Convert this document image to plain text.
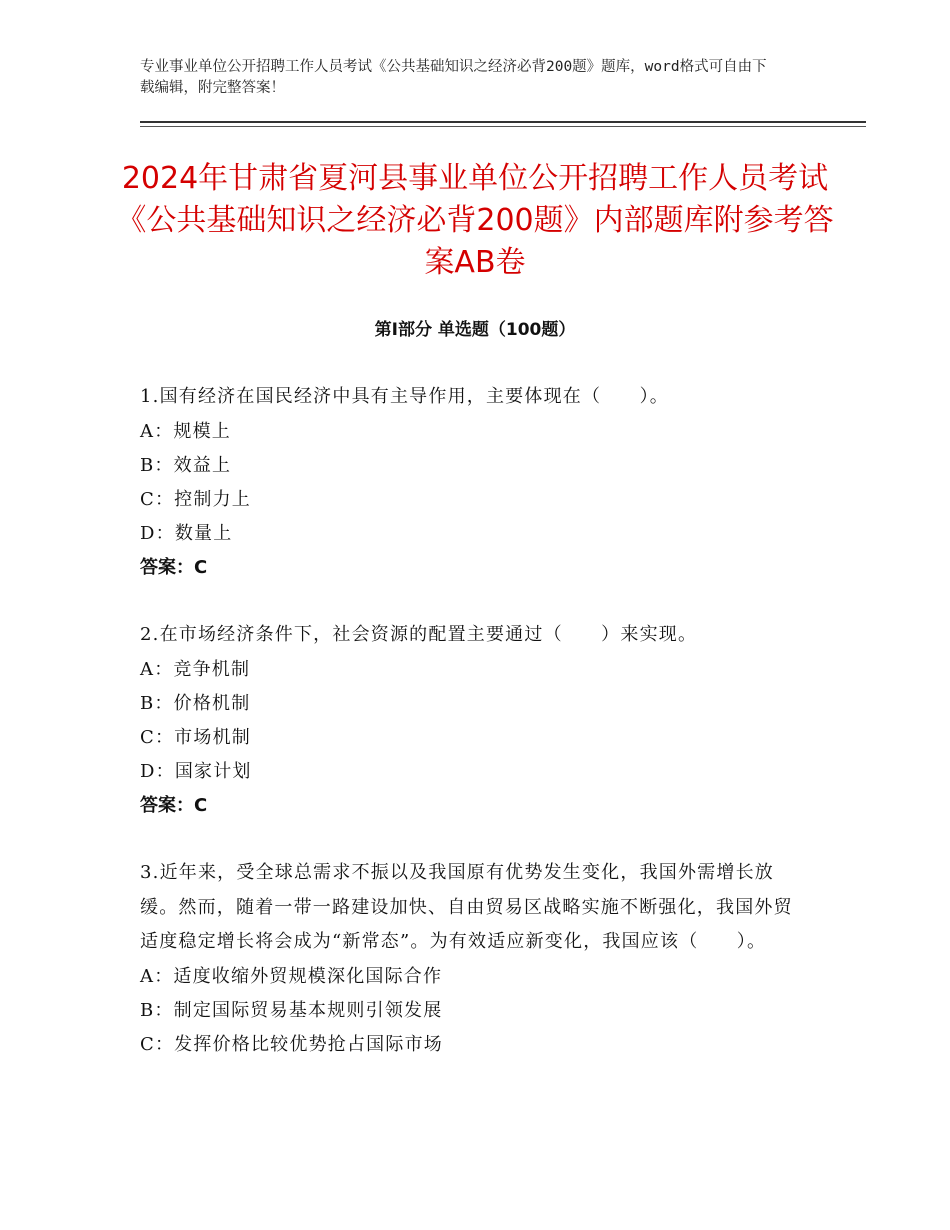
专业事业单位公开招聘工作人员考试《公共基础知识之经济必背200题》题库，word格式可自由下载编辑，附完整答案！
2024年甘肃省夏河县事业单位公开招聘工作人员考试《公共基础知识之经济必背200题》内部题库附参考答案AB卷
第Ⅰ部分 单选题（100题）
1.国有经济在国民经济中具有主导作用，主要体现在（　　）。
A：规模上
B：效益上
C：控制力上
D：数量上
答案：C
2.在市场经济条件下，社会资源的配置主要通过（　　）来实现。
A：竞争机制
B：价格机制
C：市场机制
D：国家计划
答案：C
3.近年来，受全球总需求不振以及我国原有优势发生变化，我国外需增长放缓。然而，随着一带一路建设加快、自由贸易区战略实施不断强化，我国外贸适度稳定增长将会成为“新常态”。为有效适应新变化，我国应该（　　）。
A：适度收缩外贸规模深化国际合作
B：制定国际贸易基本规则引领发展
C：发挥价格比较优势抢占国际市场
